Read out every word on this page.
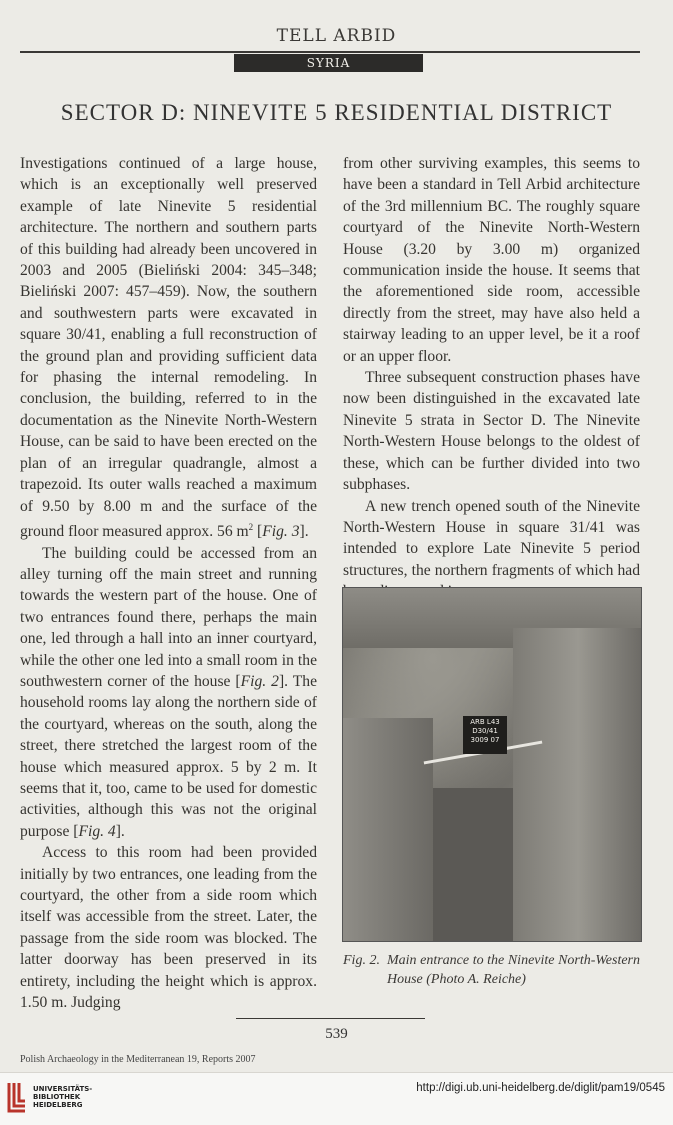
TELL ARBID
SYRIA
SECTOR D: NINEVITE 5 RESIDENTIAL DISTRICT

Investigations continued of a large house, which is an exceptionally well preserved example of late Ninevite 5 residential architecture. The northern and southern parts of this building had already been uncovered in 2003 and 2005 (Bieliński 2004: 345–348; Bieliński 2007: 457–459). Now, the southern and southwestern parts were excavated in square 30/41, enabling a full reconstruction of the ground plan and providing sufficient data for phasing the internal remodeling. In conclusion, the building, referred to in the documentation as the Ninevite North-Western House, can be said to have been erected on the plan of an irregular quadrangle, almost a trapezoid. Its outer walls reached a maximum of 9.50 by 8.00 m and the surface of the ground floor measured approx. 56 $m^2$ [Fig. 3].

The building could be accessed from an alley turning off the main street and running towards the western part of the house. One of two entrances found there, perhaps the main one, led through a hall into an inner courtyard, while the other one led into a small room in the southwestern corner of the house [Fig. 2]. The household rooms lay along the northern side of the courtyard, whereas on the south, along the street, there stretched the largest room of the house which measured approx. 5 by 2 m. It seems that it, too, came to be used for domestic activities, although this was not the original purpose [Fig. 4].

Access to this room had been provided initially by two entrances, one leading from the courtyard, the other from a side room which itself was accessible from the street. Later, the passage from the side room was blocked. The latter doorway has been preserved in its entirety, including the height which is approx. 1.50 m. Judging

from other surviving examples, this seems to have been a standard in Tell Arbid architecture of the 3rd millennium BC. The roughly square courtyard of the Ninevite North-Western House (3.20 by 3.00 m) organized communication inside the house. It seems that the aforementioned side room, accessible directly from the street, may have also held a stairway leading to an upper level, be it a roof or an upper floor.

Three subsequent construction phases have now been distinguished in the excavated late Ninevite 5 strata in Sector D. The Ninevite North-Western House belongs to the oldest of these, which can be further divided into two subphases.

A new trench opened south of the Ninevite North-Western House in square 31/41 was intended to explore Late Ninevite 5 period structures, the northern fragments of which had

ARB L43
D30/41
3009 07
Fig. 2. Main entrance to the Ninevite North-Western House (Photo A. Reiche)
539
Polish Archaeology in the Mediterranean 19, Reports 2007
UNIVERSITÄTS-
BIBLIOTHEK
HEIDELBERG
http://digi.ub.uni-heidelberg.de/diglit/pam19/0545
